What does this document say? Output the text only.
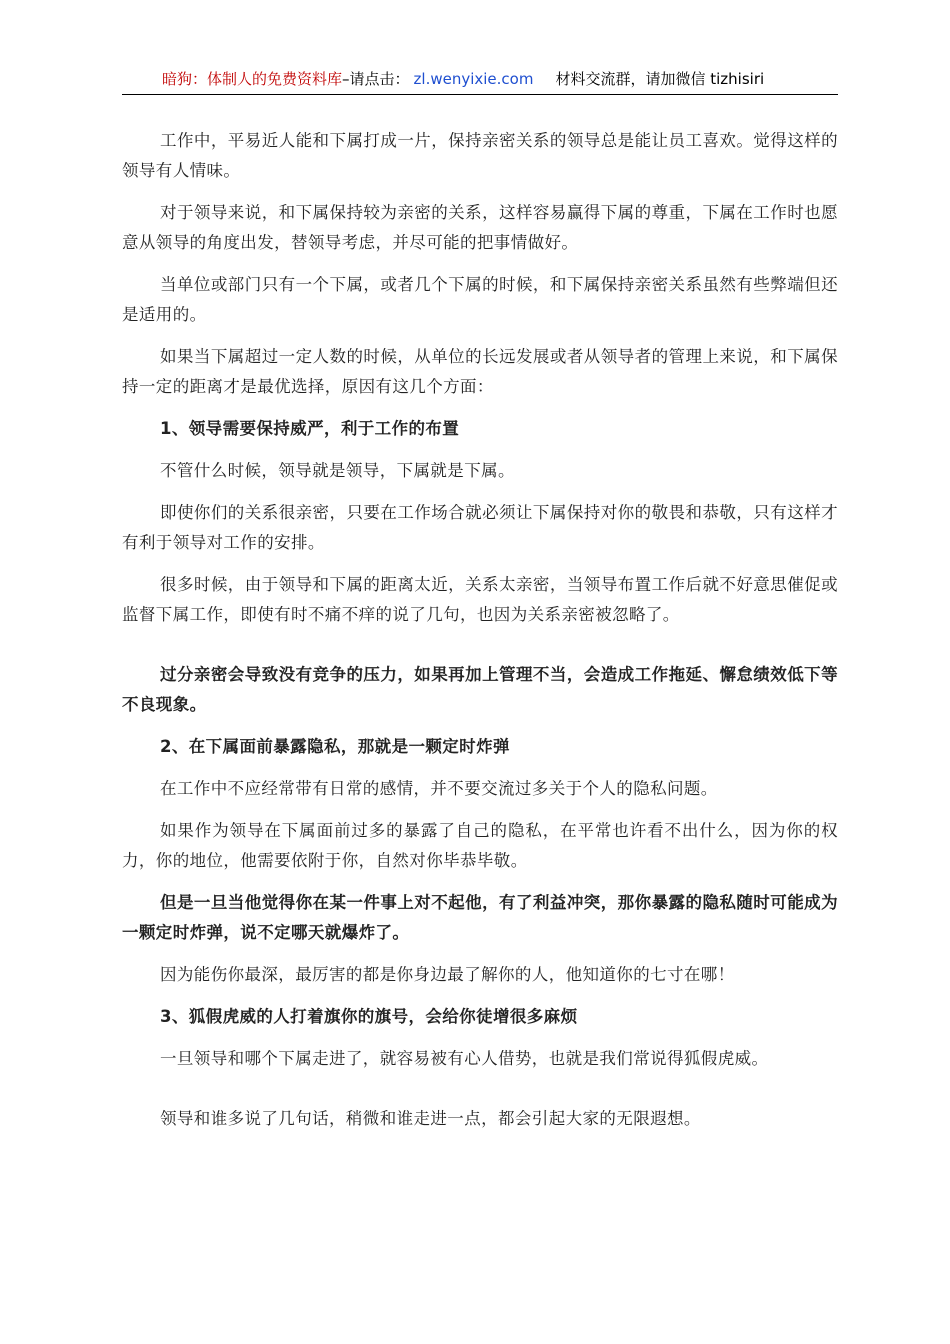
暗狗：体制人的免费资料库–请点击： zl.wenyixie.com 材料交流群，请加微信 tizhisiri

工作中，平易近人能和下属打成一片，保持亲密关系的领导总是能让员工喜欢。觉得这样的领导有人情味。

对于领导来说，和下属保持较为亲密的关系，这样容易赢得下属的尊重，下属在工作时也愿意从领导的角度出发，替领导考虑，并尽可能的把事情做好。

当单位或部门只有一个下属，或者几个下属的时候，和下属保持亲密关系虽然有些弊端但还是适用的。

如果当下属超过一定人数的时候，从单位的长远发展或者从领导者的管理上来说，和下属保持一定的距离才是最优选择，原因有这几个方面：

1、领导需要保持威严，利于工作的布置

不管什么时候，领导就是领导，下属就是下属。

即使你们的关系很亲密，只要在工作场合就必须让下属保持对你的敬畏和恭敬，只有这样才有利于领导对工作的安排。

很多时候，由于领导和下属的距离太近，关系太亲密，当领导布置工作后就不好意思催促或监督下属工作，即使有时不痛不痒的说了几句，也因为关系亲密被忽略了。

过分亲密会导致没有竞争的压力，如果再加上管理不当，会造成工作拖延、懈怠绩效低下等不良现象。

2、在下属面前暴露隐私，那就是一颗定时炸弹

在工作中不应经常带有日常的感情，并不要交流过多关于个人的隐私问题。

如果作为领导在下属面前过多的暴露了自己的隐私，在平常也许看不出什么，因为你的权力，你的地位，他需要依附于你，自然对你毕恭毕敬。

但是一旦当他觉得你在某一件事上对不起他，有了利益冲突，那你暴露的隐私随时可能成为一颗定时炸弹，说不定哪天就爆炸了。

因为能伤你最深，最厉害的都是你身边最了解你的人，他知道你的七寸在哪！

3、狐假虎威的人打着旗你的旗号，会给你徒增很多麻烦

一旦领导和哪个下属走进了，就容易被有心人借势，也就是我们常说得狐假虎威。

领导和谁多说了几句话，稍微和谁走进一点，都会引起大家的无限遐想。
